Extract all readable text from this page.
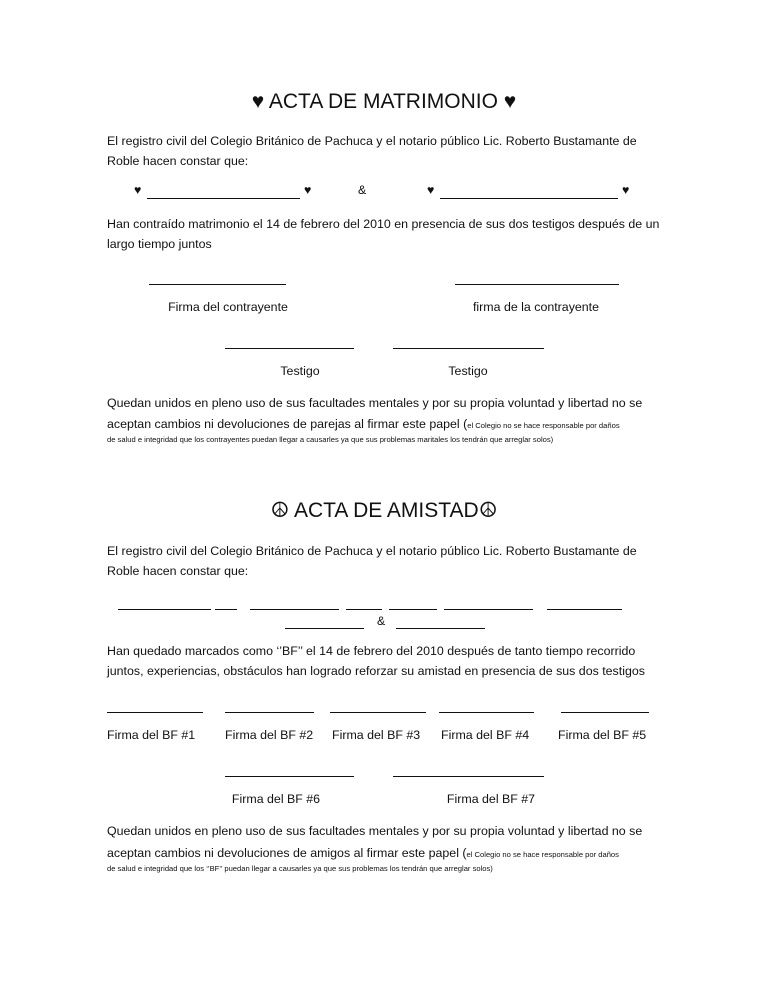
♥ ACTA DE MATRIMONIO ♥
El registro civil del Colegio Británico de Pachuca y el notario público Lic. Roberto Bustamante de Roble hacen constar que:
♥	♥	&	♥	♥
Han contraído matrimonio el 14 de febrero del 2010 en presencia de sus dos testigos después de un largo tiempo juntos
Firma del contrayente	firma de la contrayente
Testigo	Testigo
Quedan unidos en pleno uso de sus facultades mentales y por su propia voluntad y libertad no se
aceptan cambios ni devoluciones de parejas al firmar este papel (el Colegio no se hace responsable por daños
de salud e integridad que los contrayentes puedan llegar a causarles ya que sus problemas maritales los tendrán que arreglar solos)
☮ ACTA DE AMISTAD☮
El registro civil del Colegio Británico de Pachuca y el notario público Lic. Roberto Bustamante de Roble hacen constar que:
&
Han quedado marcados como ‘’BF’’ el 14 de febrero del 2010 después de tanto tiempo recorrido
juntos, experiencias, obstáculos han logrado reforzar su amistad en presencia de sus dos testigos
Firma del BF #1 Firma del BF #2 Firma del BF #3 Firma del BF #4 Firma del BF #5
Firma del BF #6	Firma del BF #7
Quedan unidos en pleno uso de sus facultades mentales y por su propia voluntad y libertad no se
aceptan cambios ni devoluciones de amigos al firmar este papel (el Colegio no se hace responsable por daños
de salud e integridad que los ‘’BF’’ puedan llegar a causarles ya que sus problemas los tendrán que arreglar solos)
